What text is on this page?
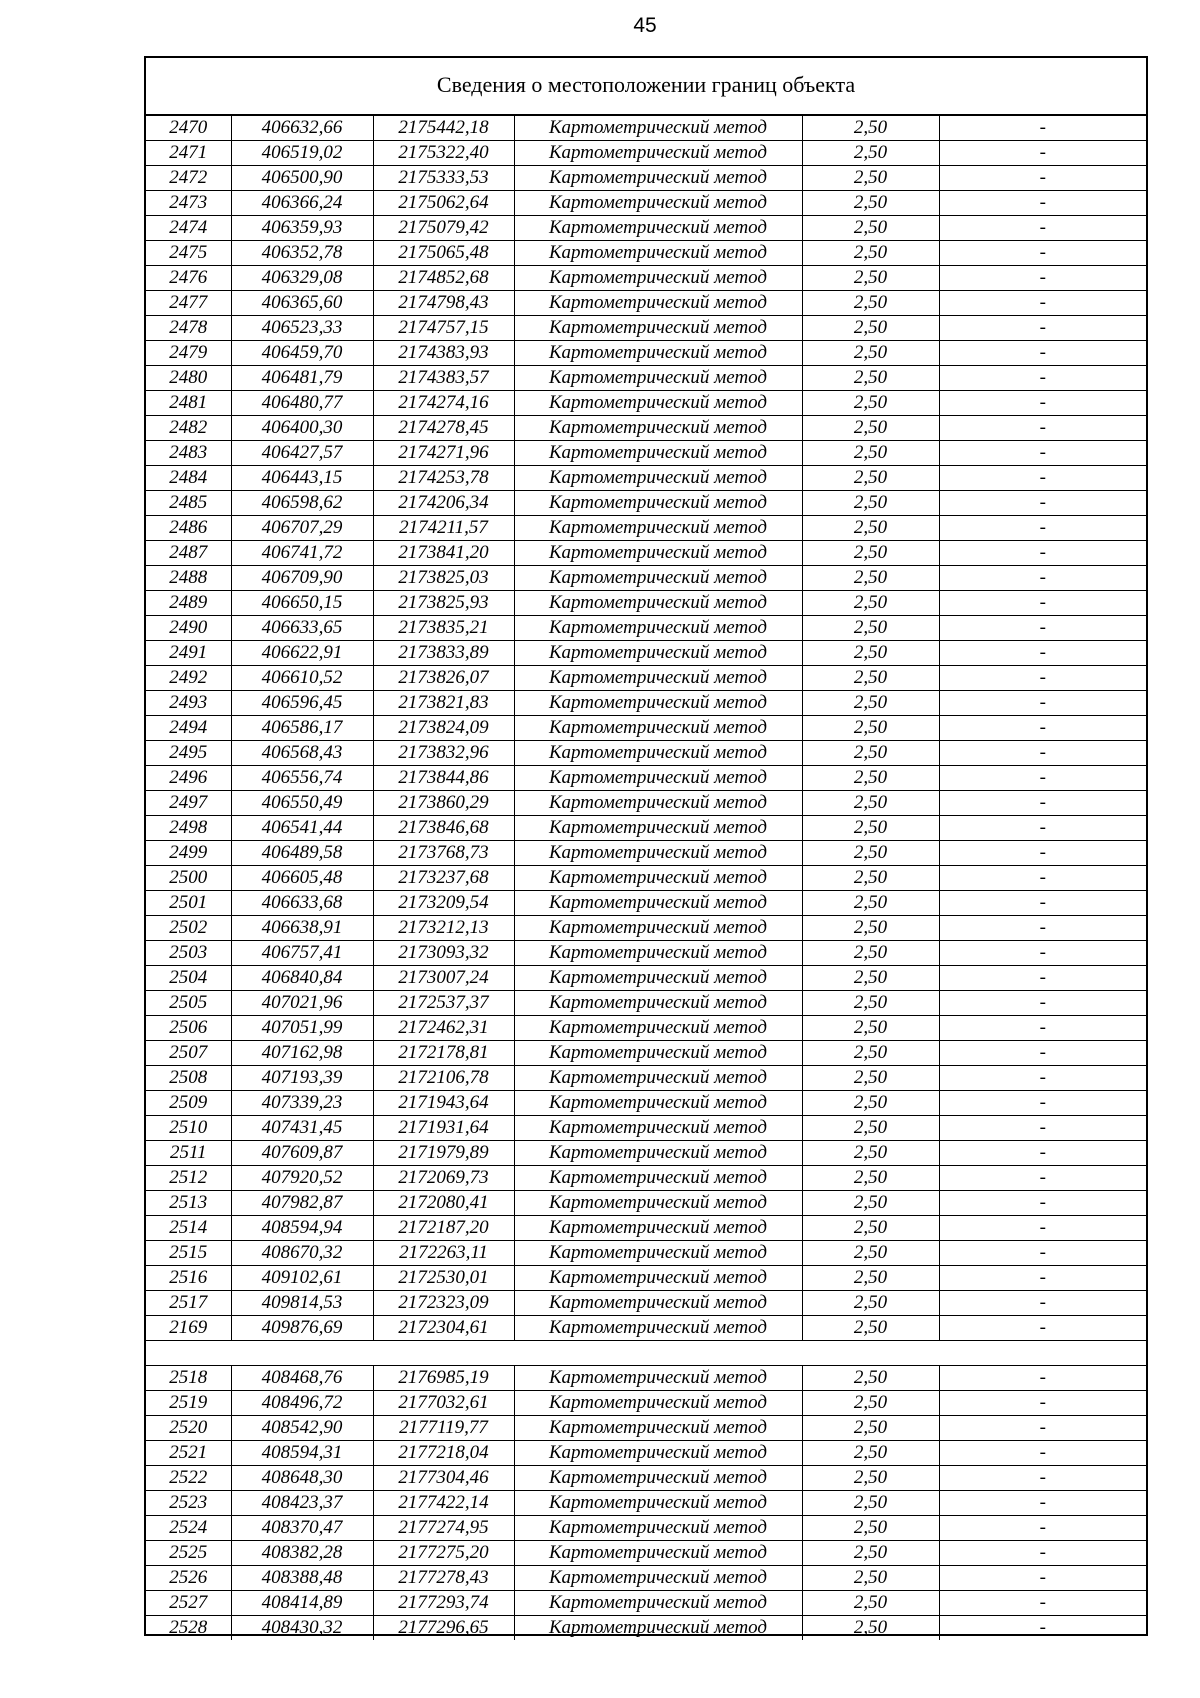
45
Сведения о местоположении границ объекта
2470	406632,66	2175442,18	Картометрический метод	2,50	-
2471	406519,02	2175322,40	Картометрический метод	2,50	-
2472	406500,90	2175333,53	Картометрический метод	2,50	-
2473	406366,24	2175062,64	Картометрический метод	2,50	-
2474	406359,93	2175079,42	Картометрический метод	2,50	-
2475	406352,78	2175065,48	Картометрический метод	2,50	-
2476	406329,08	2174852,68	Картометрический метод	2,50	-
2477	406365,60	2174798,43	Картометрический метод	2,50	-
2478	406523,33	2174757,15	Картометрический метод	2,50	-
2479	406459,70	2174383,93	Картометрический метод	2,50	-
2480	406481,79	2174383,57	Картометрический метод	2,50	-
2481	406480,77	2174274,16	Картометрический метод	2,50	-
2482	406400,30	2174278,45	Картометрический метод	2,50	-
2483	406427,57	2174271,96	Картометрический метод	2,50	-
2484	406443,15	2174253,78	Картометрический метод	2,50	-
2485	406598,62	2174206,34	Картометрический метод	2,50	-
2486	406707,29	2174211,57	Картометрический метод	2,50	-
2487	406741,72	2173841,20	Картометрический метод	2,50	-
2488	406709,90	2173825,03	Картометрический метод	2,50	-
2489	406650,15	2173825,93	Картометрический метод	2,50	-
2490	406633,65	2173835,21	Картометрический метод	2,50	-
2491	406622,91	2173833,89	Картометрический метод	2,50	-
2492	406610,52	2173826,07	Картометрический метод	2,50	-
2493	406596,45	2173821,83	Картометрический метод	2,50	-
2494	406586,17	2173824,09	Картометрический метод	2,50	-
2495	406568,43	2173832,96	Картометрический метод	2,50	-
2496	406556,74	2173844,86	Картометрический метод	2,50	-
2497	406550,49	2173860,29	Картометрический метод	2,50	-
2498	406541,44	2173846,68	Картометрический метод	2,50	-
2499	406489,58	2173768,73	Картометрический метод	2,50	-
2500	406605,48	2173237,68	Картометрический метод	2,50	-
2501	406633,68	2173209,54	Картометрический метод	2,50	-
2502	406638,91	2173212,13	Картометрический метод	2,50	-
2503	406757,41	2173093,32	Картометрический метод	2,50	-
2504	406840,84	2173007,24	Картометрический метод	2,50	-
2505	407021,96	2172537,37	Картометрический метод	2,50	-
2506	407051,99	2172462,31	Картометрический метод	2,50	-
2507	407162,98	2172178,81	Картометрический метод	2,50	-
2508	407193,39	2172106,78	Картометрический метод	2,50	-
2509	407339,23	2171943,64	Картометрический метод	2,50	-
2510	407431,45	2171931,64	Картометрический метод	2,50	-
2511	407609,87	2171979,89	Картометрический метод	2,50	-
2512	407920,52	2172069,73	Картометрический метод	2,50	-
2513	407982,87	2172080,41	Картометрический метод	2,50	-
2514	408594,94	2172187,20	Картометрический метод	2,50	-
2515	408670,32	2172263,11	Картометрический метод	2,50	-
2516	409102,61	2172530,01	Картометрический метод	2,50	-
2517	409814,53	2172323,09	Картометрический метод	2,50	-
2169	409876,69	2172304,61	Картометрический метод	2,50	-

2518	408468,76	2176985,19	Картометрический метод	2,50	-
2519	408496,72	2177032,61	Картометрический метод	2,50	-
2520	408542,90	2177119,77	Картометрический метод	2,50	-
2521	408594,31	2177218,04	Картометрический метод	2,50	-
2522	408648,30	2177304,46	Картометрический метод	2,50	-
2523	408423,37	2177422,14	Картометрический метод	2,50	-
2524	408370,47	2177274,95	Картометрический метод	2,50	-
2525	408382,28	2177275,20	Картометрический метод	2,50	-
2526	408388,48	2177278,43	Картометрический метод	2,50	-
2527	408414,89	2177293,74	Картометрический метод	2,50	-
2528	408430,32	2177296,65	Картометрический метод	2,50	-
